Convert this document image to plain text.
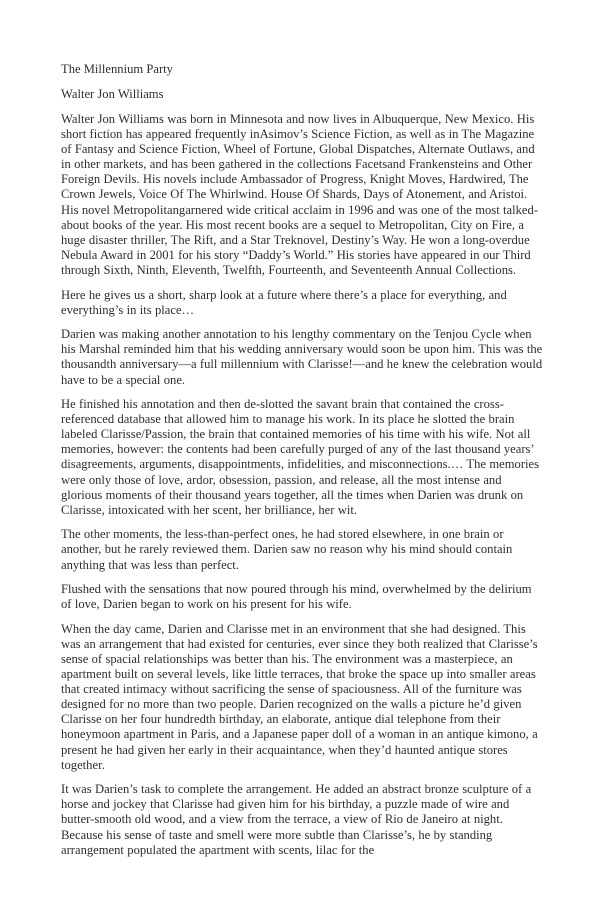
The Millennium Party
Walter Jon Williams

Walter Jon Williams was born in Minnesota and now lives in Albuquerque, New Mexico. His short fiction has appeared frequently inAsimov’s Science Fiction, as well as in The Magazine of Fantasy and Science Fiction, Wheel of Fortune, Global Dispatches, Alternate Outlaws, and in other markets, and has been gathered in the collections Facetsand Frankensteins and Other Foreign Devils. His novels include Ambassador of Progress, Knight Moves, Hardwired, The Crown Jewels, Voice Of The Whirlwind. House Of Shards, Days of Atonement, and Aristoi. His novel Metropolitangarnered wide critical acclaim in 1996 and was one of the most talked-about books of the year. His most recent books are a sequel to Metropolitan, City on Fire, a huge disaster thriller, The Rift, and a Star Treknovel, Destiny’s Way. He won a long-overdue Nebula Award in 2001 for his story “Daddy’s World.” His stories have appeared in our Third through Sixth, Ninth, Eleventh, Twelfth, Fourteenth, and Seventeenth Annual Collections.

Here he gives us a short, sharp look at a future where there’s a place for everything, and everything’s in its place…

Darien was making another annotation to his lengthy commentary on the Tenjou Cycle when his Marshal reminded him that his wedding anniversary would soon be upon him. This was the thousandth anniversary—a full millennium with Clarisse!—and he knew the celebration would have to be a special one.

He finished his annotation and then de-slotted the savant brain that contained the cross-referenced database that allowed him to manage his work. In its place he slotted the brain labeled Clarisse/Passion, the brain that contained memories of his time with his wife. Not all memories, however: the contents had been carefully purged of any of the last thousand years’ disagreements, arguments, disappointments, infidelities, and misconnections.… The memories were only those of love, ardor, obsession, passion, and release, all the most intense and glorious moments of their thousand years together, all the times when Darien was drunk on Clarisse, intoxicated with her scent, her brilliance, her wit.

The other moments, the less-than-perfect ones, he had stored elsewhere, in one brain or another, but he rarely reviewed them. Darien saw no reason why his mind should contain anything that was less than perfect.

Flushed with the sensations that now poured through his mind, overwhelmed by the delirium of love, Darien began to work on his present for his wife.

When the day came, Darien and Clarisse met in an environment that she had designed. This was an arrangement that had existed for centuries, ever since they both realized that Clarisse’s sense of spacial relationships was better than his. The environment was a masterpiece, an apartment built on several levels, like little terraces, that broke the space up into smaller areas that created intimacy without sacrificing the sense of spaciousness. All of the furniture was designed for no more than two people. Darien recognized on the walls a picture he’d given Clarisse on her four hundredth birthday, an elaborate, antique dial telephone from their honeymoon apartment in Paris, and a Japanese paper doll of a woman in an antique kimono, a present he had given her early in their acquaintance, when they’d haunted antique stores together.

It was Darien’s task to complete the arrangement. He added an abstract bronze sculpture of a horse and jockey that Clarisse had given him for his birthday, a puzzle made of wire and butter-smooth old wood, and a view from the terrace, a view of Rio de Janeiro at night. Because his sense of taste and smell were more subtle than Clarisse’s, he by standing arrangement populated the apartment with scents, lilac for the
